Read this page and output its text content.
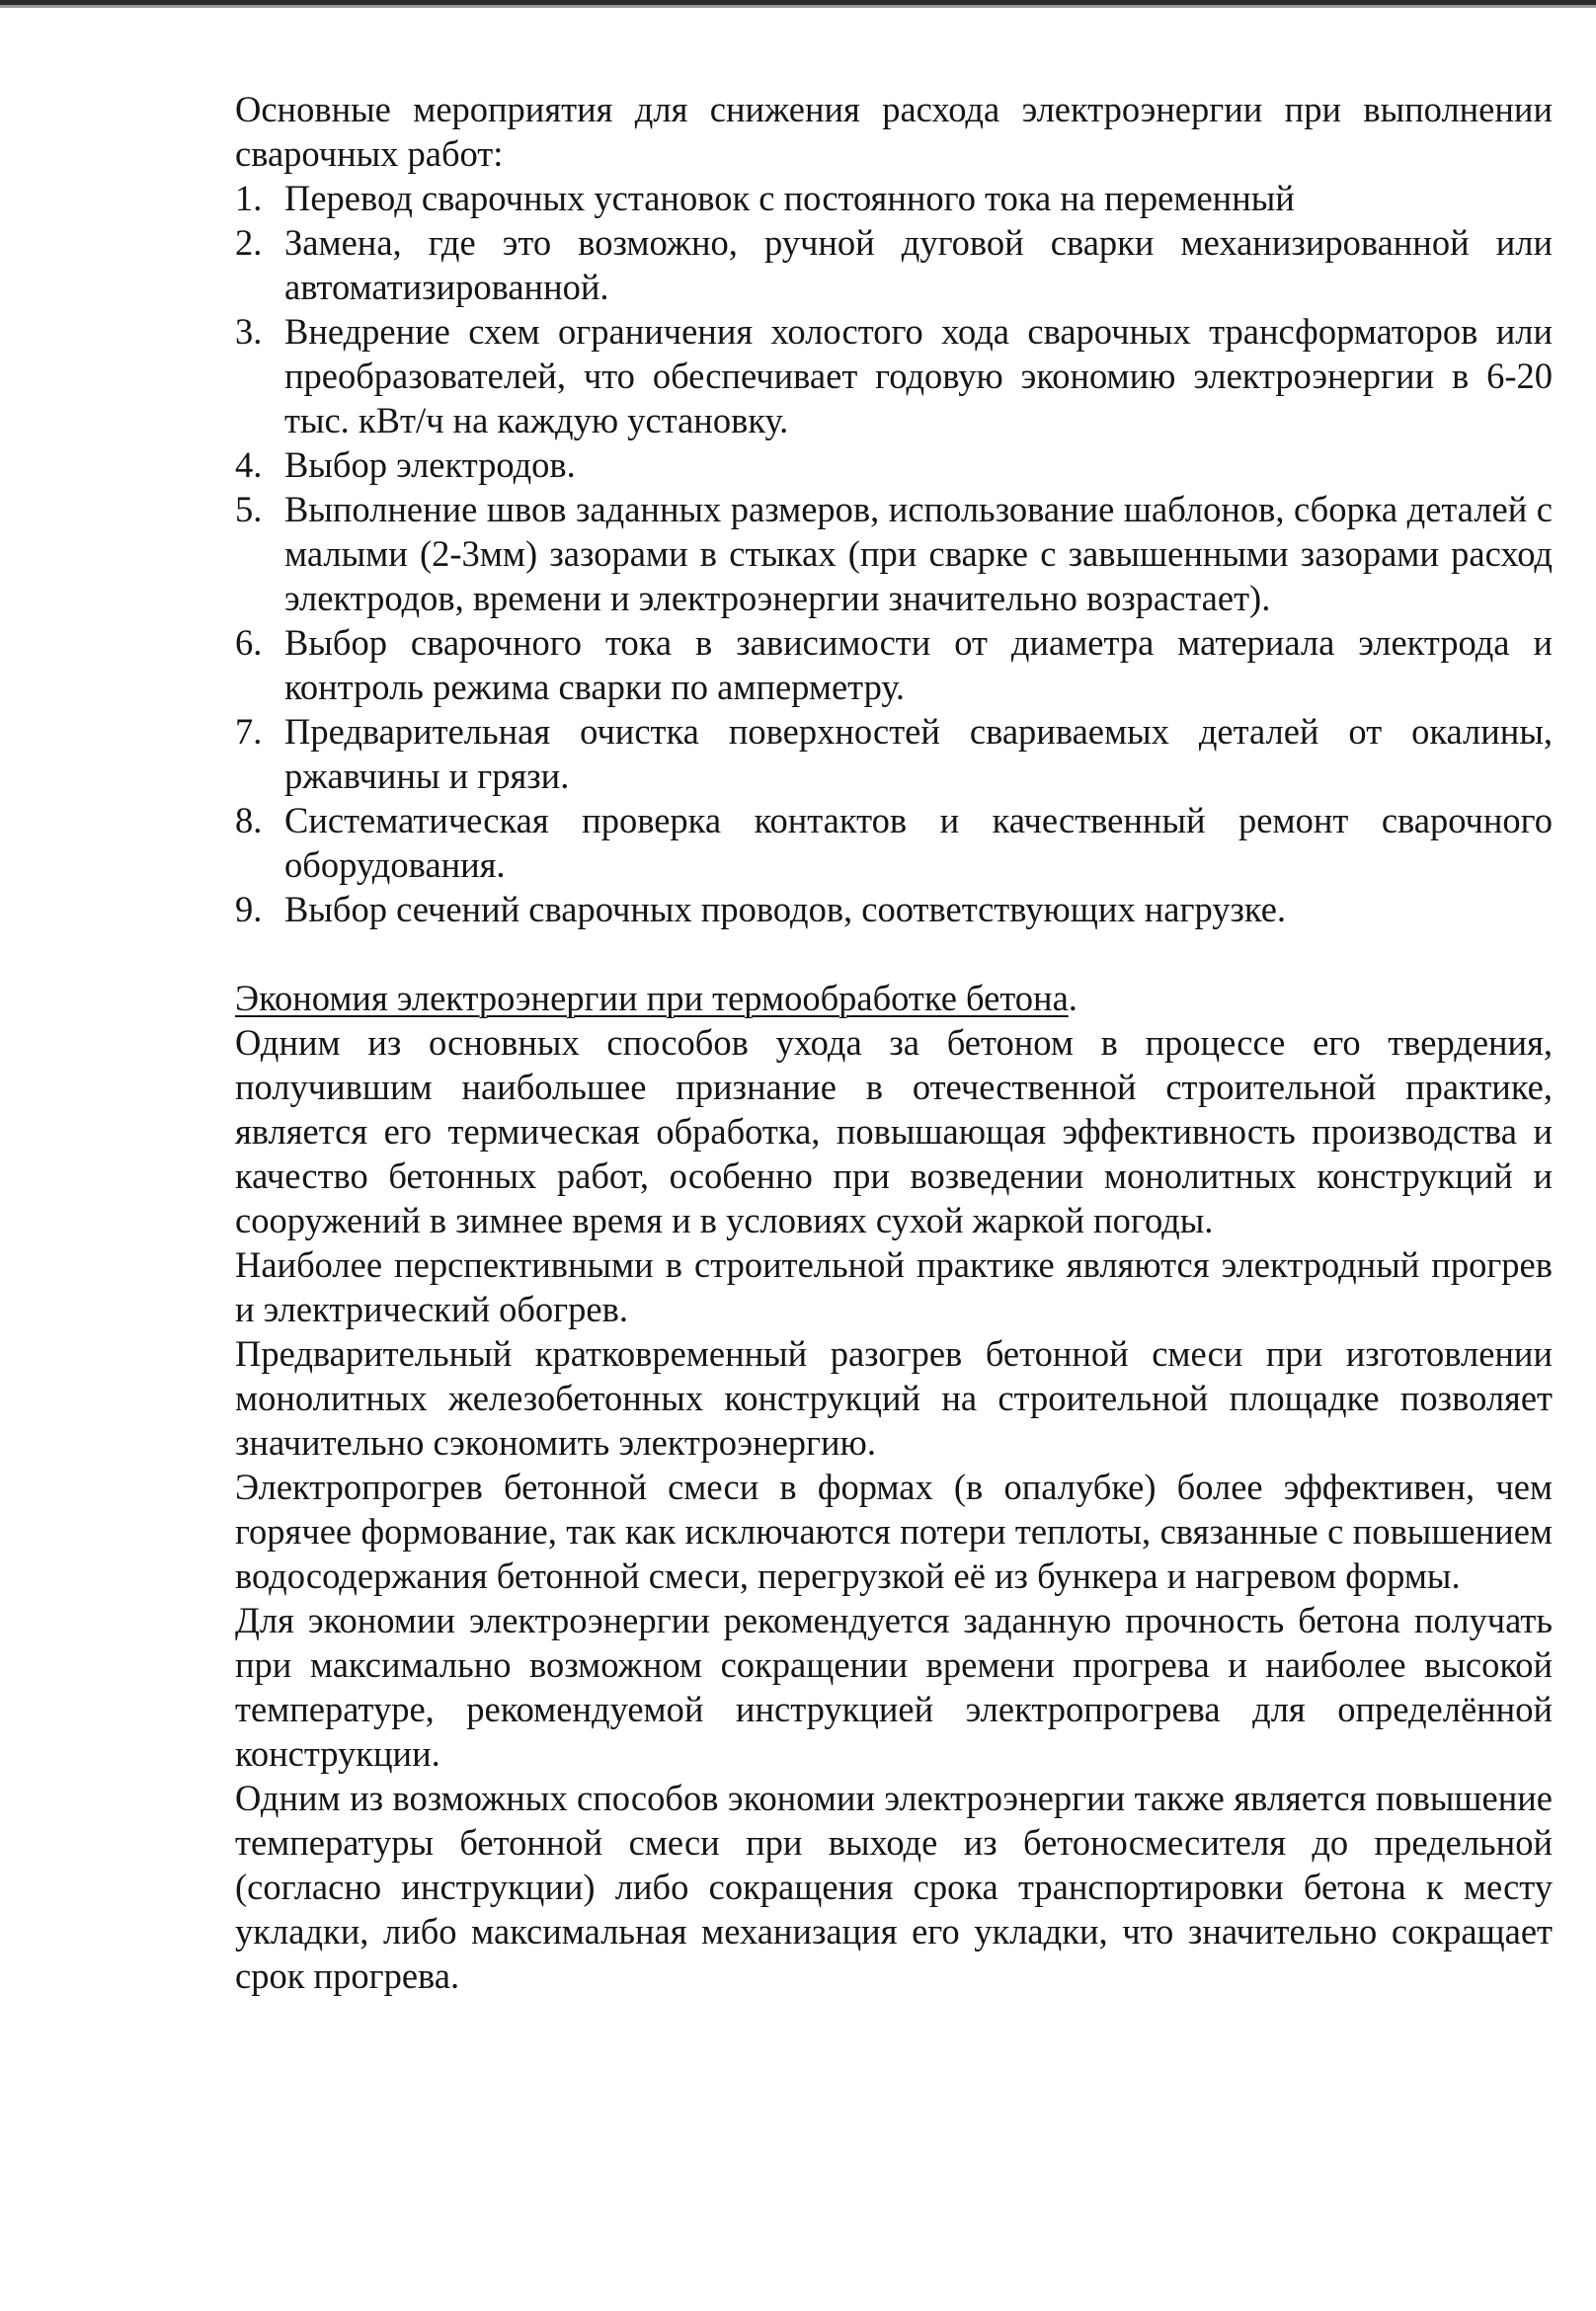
Основные мероприятия для снижения расхода электроэнергии при выполнении сварочных работ:

1. Перевод сварочных установок с постоянного тока на переменный
2. Замена, где это возможно, ручной дуговой сварки механизированной или автоматизированной.
3. Внедрение схем ограничения холостого хода сварочных трансформаторов или преобразователей, что обеспечивает годовую экономию электроэнергии в 6-20 тыс. кВт/ч на каждую установку.
4. Выбор электродов.
5. Выполнение швов заданных размеров, использование шаблонов, сборка деталей с малыми (2-3мм) зазорами в стыках (при сварке с завышенными зазорами расход электродов, времени и электроэнергии значительно возрастает).
6. Выбор сварочного тока в зависимости от диаметра материала электрода и контроль режима сварки по амперметру.
7. Предварительная очистка поверхностей свариваемых деталей от окалины, ржавчины и грязи.
8. Систематическая проверка контактов и качественный ремонт сварочного оборудования.
9. Выбор сечений сварочных проводов, соответствующих нагрузке.

Экономия электроэнергии при термообработке бетона.

Одним из основных способов ухода за бетоном в процессе его твердения, получившим наибольшее признание в отечественной строительной практике, является его термическая обработка, повышающая эффективность производства и качество бетонных работ, особенно при возведении монолитных конструкций и сооружений в зимнее время и в условиях сухой жаркой погоды.

Наиболее перспективными в строительной практике являются электродный прогрев и электрический обогрев.

Предварительный кратковременный разогрев бетонной смеси при изготовлении монолитных железобетонных конструкций на строительной площадке позволяет значительно сэкономить электроэнергию.

Электропрогрев бетонной смеси в формах (в опалубке) более эффективен, чем горячее формование, так как исключаются потери теплоты, связанные с повышением водосодержания бетонной смеси, перегрузкой её из бункера и нагревом формы.

Для экономии электроэнергии рекомендуется заданную прочность бетона получать при максимально возможном сокращении времени прогрева и наиболее высокой температуре, рекомендуемой инструкцией электропрогрева для определённой конструкции.

Одним из возможных способов экономии электроэнергии также является повышение температуры бетонной смеси при выходе из бетоносмесителя до предельной (согласно инструкции) либо сокращения срока транспортировки бетона к месту укладки, либо максимальная механизация его укладки, что значительно сокращает срок прогрева.
